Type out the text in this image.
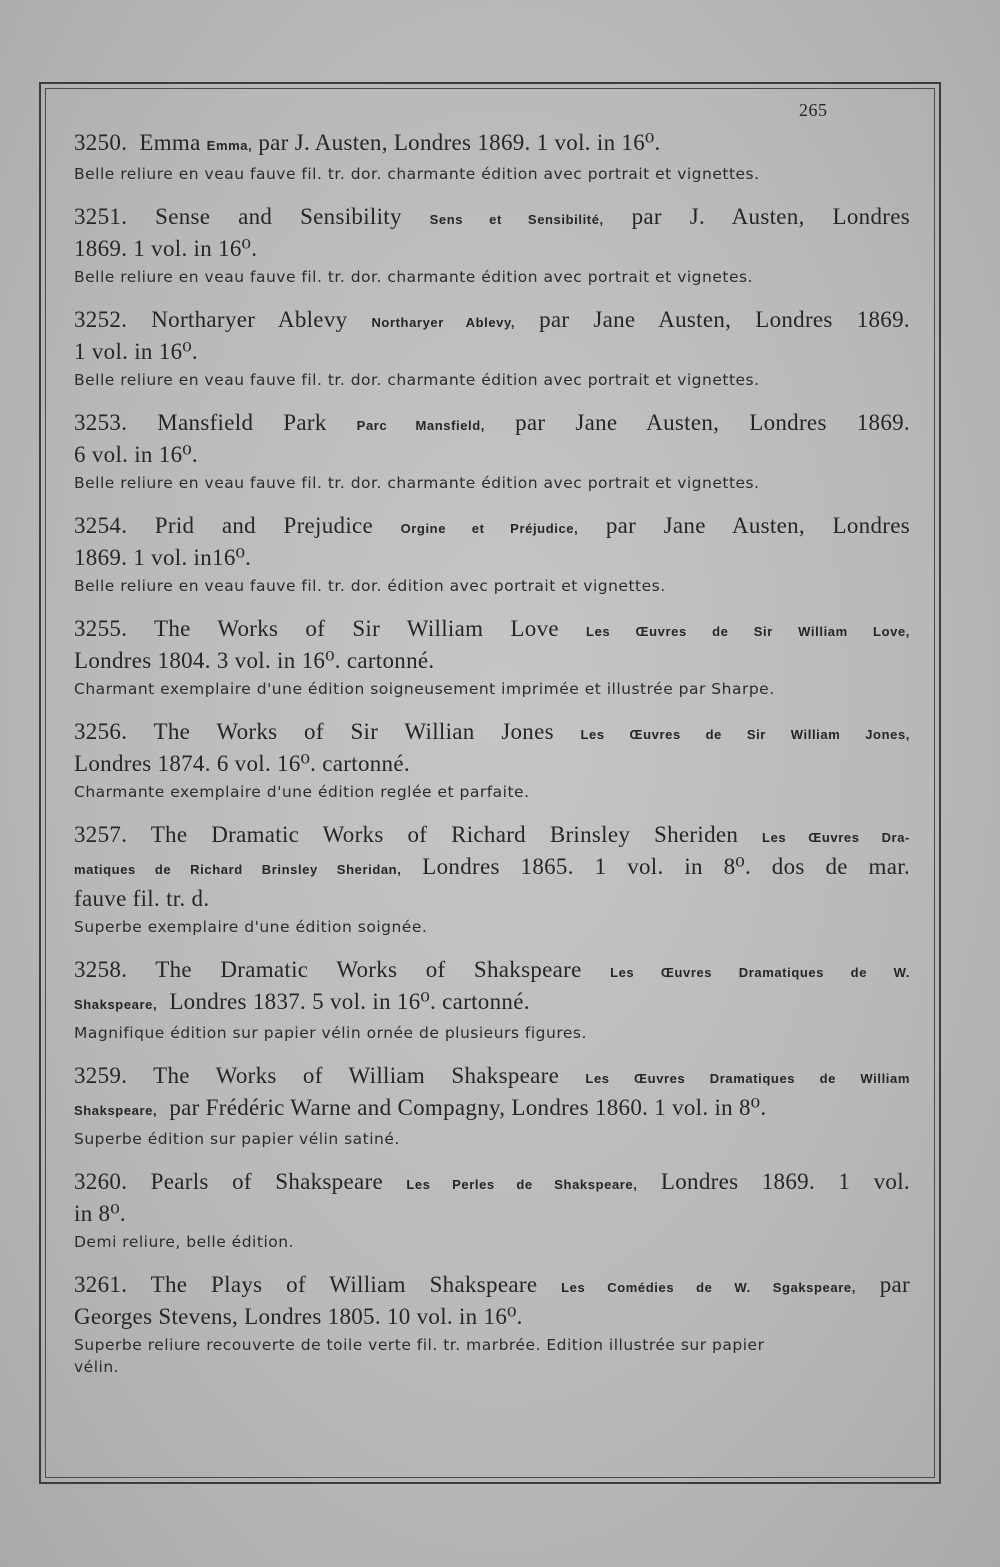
265
3250. Emma Emma, par J. Austen, Londres 1869. 1 vol. in 16⁰.
Belle reliure en veau fauve fil. tr. dor. charmante édition avec portrait et vignettes.
3251. Sense and Sensibility Sens et Sensibilité, par J. Austen, Londres
1869. 1 vol. in 16⁰.
Belle reliure en veau fauve fil. tr. dor. charmante édition avec portrait et vignetes.
3252. Northaryer Ablevy Northaryer Ablevy, par Jane Austen, Londres 1869.
1 vol. in 16⁰.
Belle reliure en veau fauve fil. tr. dor. charmante édition avec portrait et vignettes.
3253. Mansfield Park Parc Mansfield, par Jane Austen, Londres 1869.
6 vol. in 16⁰.
Belle reliure en veau fauve fil. tr. dor. charmante édition avec portrait et vignettes.
3254. Prid and Prejudice Orgine et Préjudice, par Jane Austen, Londres
1869. 1 vol. in16⁰.
Belle reliure en veau fauve fil. tr. dor. édition avec portrait et vignettes.
3255. The Works of Sir William Love Les Œuvres de Sir William Love,
Londres 1804. 3 vol. in 16⁰. cartonné.
Charmant exemplaire d'une édition soigneusement imprimée et illustrée par Sharpe.
3256. The Works of Sir Willian Jones Les Œuvres de Sir William Jones,
Londres 1874. 6 vol. 16⁰. cartonné.
Charmante exemplaire d'une édition reglée et parfaite.
3257. The Dramatic Works of Richard Brinsley Sheriden Les Œuvres Dra-
matiques de Richard Brinsley Sheridan, Londres 1865. 1 vol. in 8⁰. dos de mar.
fauve fil. tr. d.
Superbe exemplaire d'une édition soignée.
3258. The Dramatic Works of Shakspeare Les Œuvres Dramatiques de W.
Shakspeare, Londres 1837. 5 vol. in 16⁰. cartonné.
Magnifique édition sur papier vélin ornée de plusieurs figures.
3259. The Works of William Shakspeare Les Œuvres Dramatiques de William
Shakspeare, par Frédéric Warne and Compagny, Londres 1860. 1 vol. in 8⁰.
Superbe édition sur papier vélin satiné.
3260. Pearls of Shakspeare Les Perles de Shakspeare, Londres 1869. 1 vol.
in 8⁰.
Demi reliure, belle édition.
3261. The Plays of William Shakspeare Les Comédies de W. Sgakspeare, par
Georges Stevens, Londres 1805. 10 vol. in 16⁰.
Superbe reliure recouverte de toile verte fil. tr. marbrée. Edition illustrée sur papier
vélin.
